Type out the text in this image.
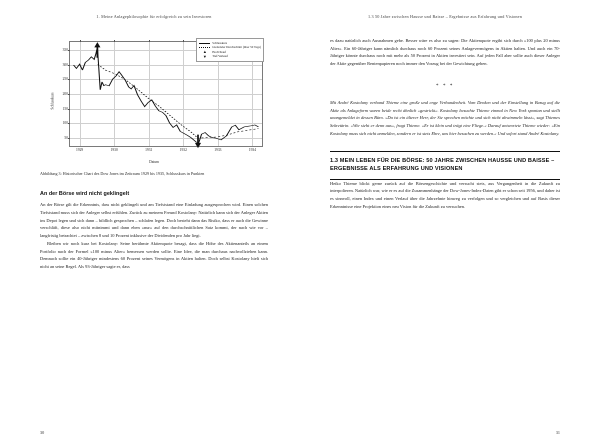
1. Meine Anlagephilosophie für erfolgreich zu sein Investoren
Schlusskurs
Datum
350
300
250
200
150
100
50
1929	1930	1931	1932	1933	1934
Schlusskurs
Gleitender Durchschnitt (über 50 Tage)
▲	Hoch/Kauf
▼	Tief/Verkauf
Abbildung 3: Historischer Chart des Dow Jones im Zeitraum 1929 bis 1935, Schlusskurs in Punkten
An der Börse wird nicht geklingelt

An der Börse gilt die Erkenntnis, dass nicht geklingelt und am Tiefststand eine Einladung ausgesprochen wird. Einen solchen Tiefststand muss sich der Anleger selbst erfühlen. Zurück zu meinem Freund Kostolany: Natürlich kann sich der Anleger Aktien ins Depot legen und sich dann – bildlich gesprochen – schlafen legen. Doch besteht dann das Risiko, dass er auch die Gewinne verschläft, diese also nicht mitnimmt und dann eben »nur« auf den durchschnittlichen Satz kommt, der nach wie vor – langfristig betrachtet – zwischen 8 und 10 Prozent inklusive der Dividenden pro Jahr liegt.

Bleiben wir noch kurz bei Kostolany: Seine berühmte Aktienquote besagt, dass die Höhe des Aktienanteils an einem Portfolio nach der Formel »100 minus Alter« bemessen werden sollte. Eine Idee, die man durchaus nachvollziehen kann. Demnach sollte ein 40-Jähriger mindestens 60 Prozent seines Vermögens in Aktien halten. Doch selbst Kostolany hielt sich nicht an seine Regel. Als 93-Jähriger sagte er, dass

30
1.3 50 Jahre zwischen Hausse und Baisse – Ergebnisse aus Erfahrung und Visionen

es dazu natürlich auch Ausnahmen gebe. Besser wäre es also zu sagen: Die Aktienquote ergibt sich durch »100 plus 20 minus Alter«. Ein 60-Jähriger kann nämlich durchaus noch 60 Prozent seines Anlagevermögens in Aktien halten. Und auch ein 70-Jähriger könnte durchaus noch mit mehr als 50 Prozent in Aktien investiert sein. Auf jeden Fall aber sollte auch dieser Anleger der Aktie gegenüber Rentenpapieren noch immer den Vorzug bei der Gewichtung geben.

* * *

Mit André Kostolany verband Thieme eine große und enge Verbundenheit. Vom Denken und der Einstellung in Bezug auf die Aktie als Anlageform waren beide recht ähnlich »gestrickt«. Kostolany besuchte Thieme einmal in New York spontan und stellt unangemeldet in dessen Büro. »Da ist ein älterer Herr, der Sie sprechen möchte und sich nicht abwimmeln lässt«, sagt Thiemes Sekretärin. »Wie sieht er denn aus«, fragt Thieme. »Er ist klein und trägt eine Fliege.« Darauf antwortete Thieme wieder: »Ein Kostolany muss sich nicht anmelden, sondern er ist stets Ehre, uns hier besuchen zu werden.« Und sofort stand André Kostolany.

1.3 MEIN LEBEN FÜR DIE BÖRSE: 50 JAHRE ZWISCHEN HAUSSE UND BAISSE – ERGEBNISSE ALS ERFAHRUNG UND VISIONEN

Heiko Thieme blickt gerne zurück auf die Börsengeschichte und versucht stets, aus Vergangenheit in die Zukunft zu interpolieren. Natürlich war, wie er es auf die Zusammenhänge der Dow-Jones-Index-Daten gibt er schon seit 1956, und daher ist es sinnvoll, einen Index und einen Verlauf über die Jahrzehnte hinweg zu verfolgen und so vergleichen und auf Basis dieser Erkenntnisse eine Projektion eines neu Vision für die Zukunft zu versuchen.

31
